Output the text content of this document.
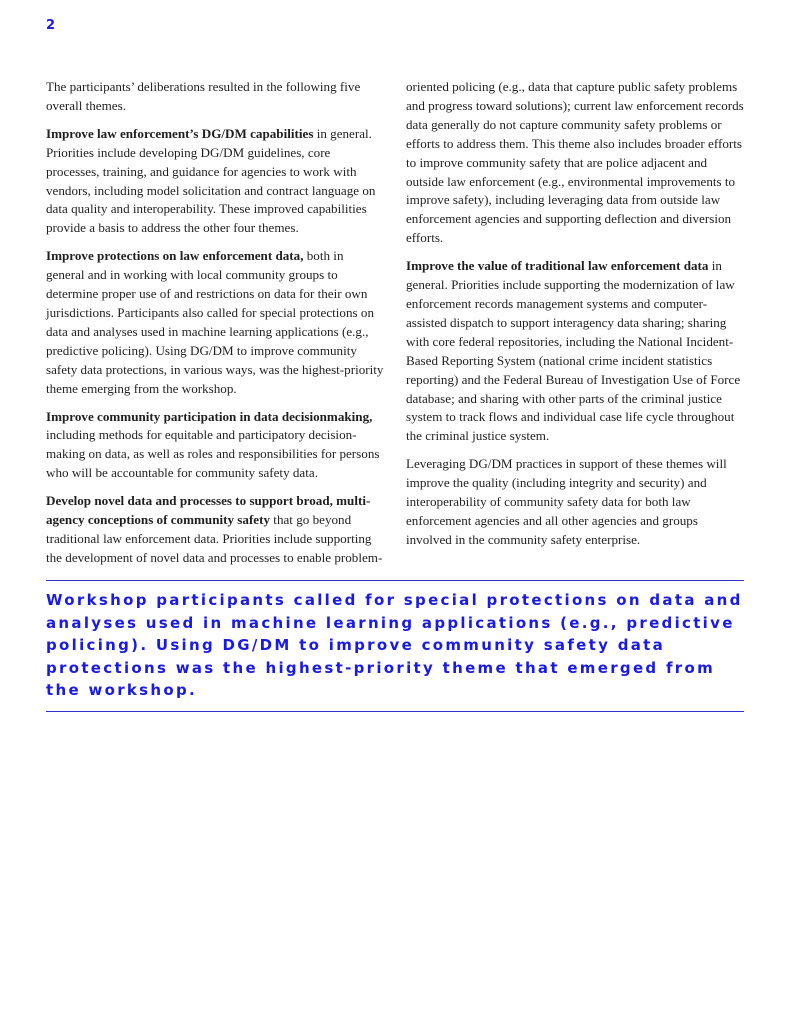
2

The participants’ deliberations resulted in the following five overall themes.

Improve law enforcement’s DG/DM capabilities in general. Priorities include developing DG/DM guidelines, core processes, training, and guidance for agencies to work with vendors, including model solicitation and contract language on data quality and interoperability. These improved capabilities provide a basis to address the other four themes.

Improve protections on law enforcement data, both in general and in working with local community groups to determine proper use of and restrictions on data for their own jurisdictions. Participants also called for special protections on data and analyses used in machine learning applications (e.g., predictive policing). Using DG/DM to improve community safety data protections, in various ways, was the highest-priority theme emerging from the workshop.

Improve community participation in data decisionmaking, including methods for equitable and participatory decision-making on data, as well as roles and responsibilities for persons who will be accountable for community safety data.

Develop novel data and processes to support broad, multi-agency conceptions of community safety that go beyond traditional law enforcement data. Priorities include supporting the development of novel data and processes to enable problem-

oriented policing (e.g., data that capture public safety problems and progress toward solutions); current law enforcement records data generally do not capture community safety problems or efforts to address them. This theme also includes broader efforts to improve community safety that are police adjacent and outside law enforcement (e.g., environmental improvements to improve safety), including leveraging data from outside law enforcement agencies and supporting deflection and diversion efforts.

Improve the value of traditional law enforcement data in general. Priorities include supporting the modernization of law enforcement records management systems and computer-assisted dispatch to support interagency data sharing; sharing with core federal repositories, including the National Incident-Based Reporting System (national crime incident statistics reporting) and the Federal Bureau of Investigation Use of Force database; and sharing with other parts of the criminal justice system to track flows and individual case life cycle throughout the criminal justice system.

Leveraging DG/DM practices in support of these themes will improve the quality (including integrity and security) and interoperability of community safety data for both law enforcement agencies and all other agencies and groups involved in the community safety enterprise.

Workshop participants called for special protections on data and analyses used in machine learning applications (e.g., predictive policing). Using DG/DM to improve community safety data protections was the highest-priority theme that emerged from the workshop.
